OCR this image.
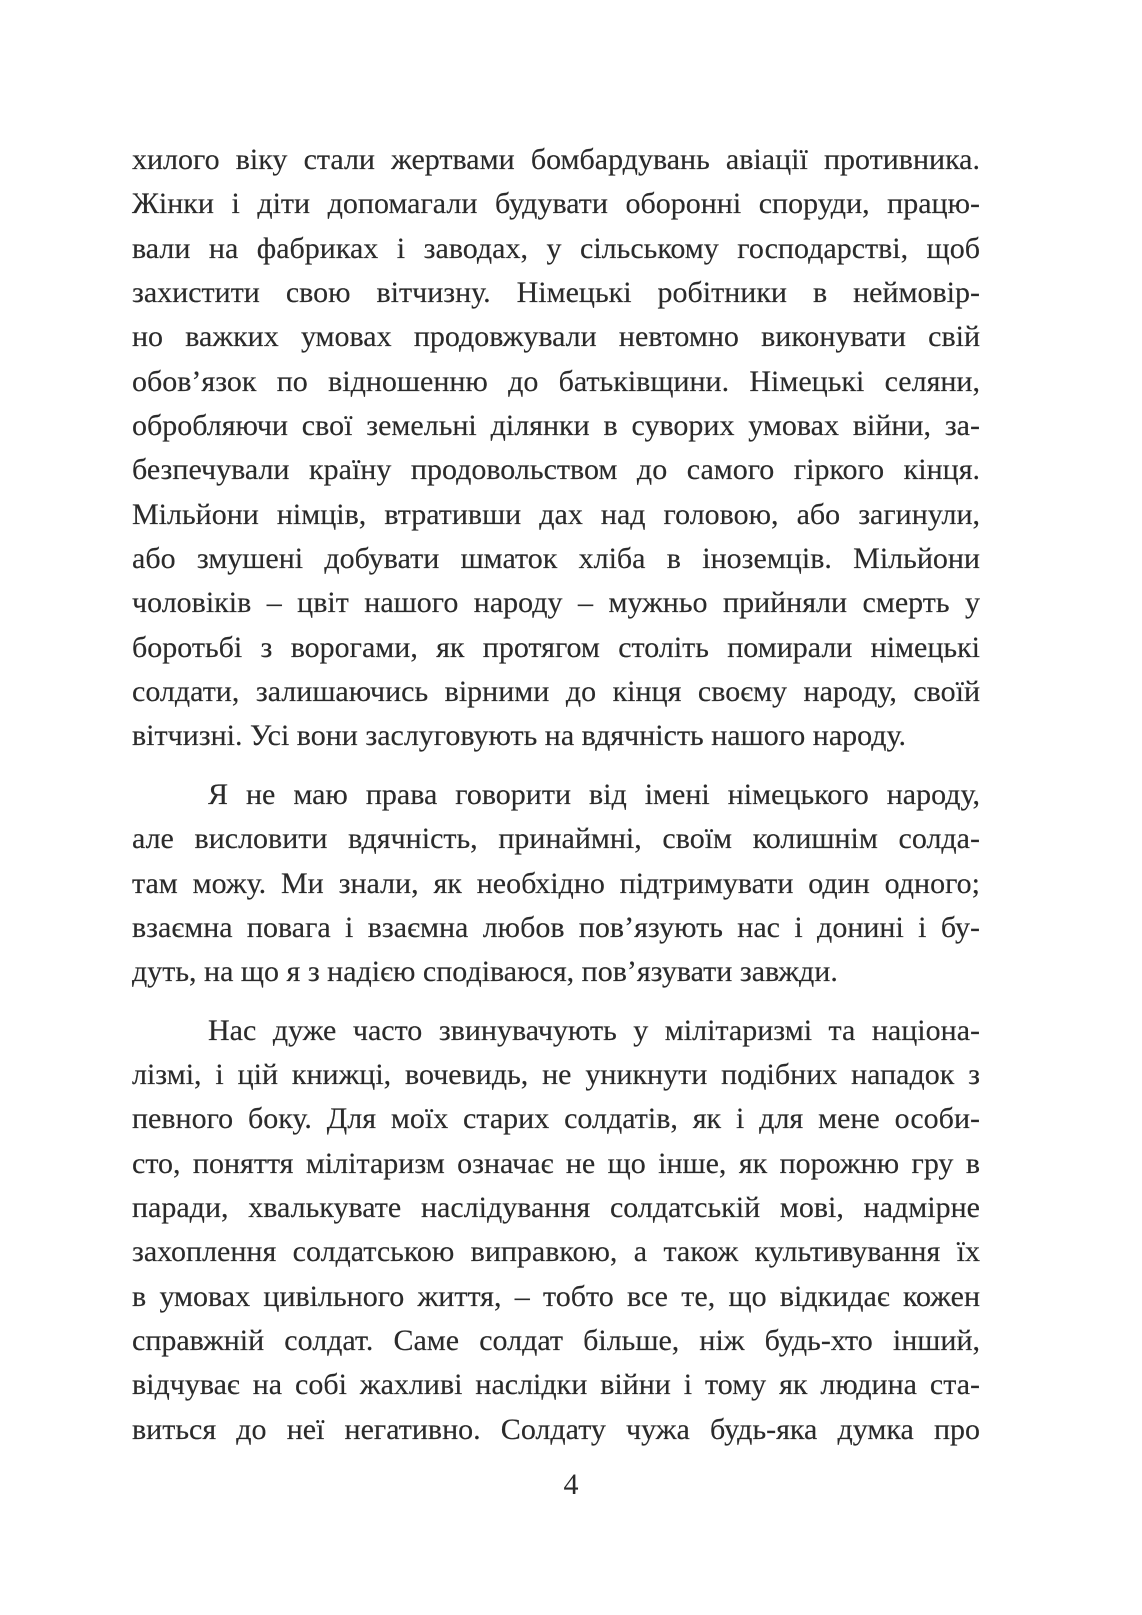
хилого віку стали жертвами бомбардувань авіації противника.
Жінки і діти допомагали будувати оборонні споруди, працю-
вали на фабриках і заводах, у сільському господарстві, щоб
захистити свою вітчизну. Німецькі робітники в неймовір-
но важких умовах продовжували невтомно виконувати свій
обов’язок по відношенню до батьківщини. Німецькі селяни,
обробляючи свої земельні ділянки в суворих умовах війни, за-
безпечували країну продовольством до самого гіркого кінця.
Мільйони німців, втративши дах над головою, або загинули,
або змушені добувати шматок хліба в іноземців. Мільйони
чоловіків – цвіт нашого народу – мужньо прийняли смерть у
боротьбі з ворогами, як протягом століть помирали німецькі
солдати, залишаючись вірними до кінця своєму народу, своїй
вітчизні. Усі вони заслуговують на вдячність нашого народу.

Я не маю права говорити від імені німецького народу,
але висловити вдячність, принаймні, своїм колишнім солда-
там можу. Ми знали, як необхідно підтримувати один одного;
взаємна повага і взаємна любов пов’язують нас і донині і бу-
дуть, на що я з надією сподіваюся, пов’язувати завжди.

Нас дуже часто звинувачують у мілітаризмі та націона-
лізмі, і цій книжці, вочевидь, не уникнути подібних нападок з
певного боку. Для моїх старих солдатів, як і для мене особи-
сто, поняття мілітаризм означає не що інше, як порожню гру в
паради, хвалькувате наслідування солдатській мові, надмірне
захоплення солдатською виправкою, а також культивування їх
в умовах цивільного життя, – тобто все те, що відкидає кожен
справжній солдат. Саме солдат більше, ніж будь-хто інший,
відчуває на собі жахливі наслідки війни і тому як людина ста-
виться до неї негативно. Солдату чужа будь-яка думка про

4
